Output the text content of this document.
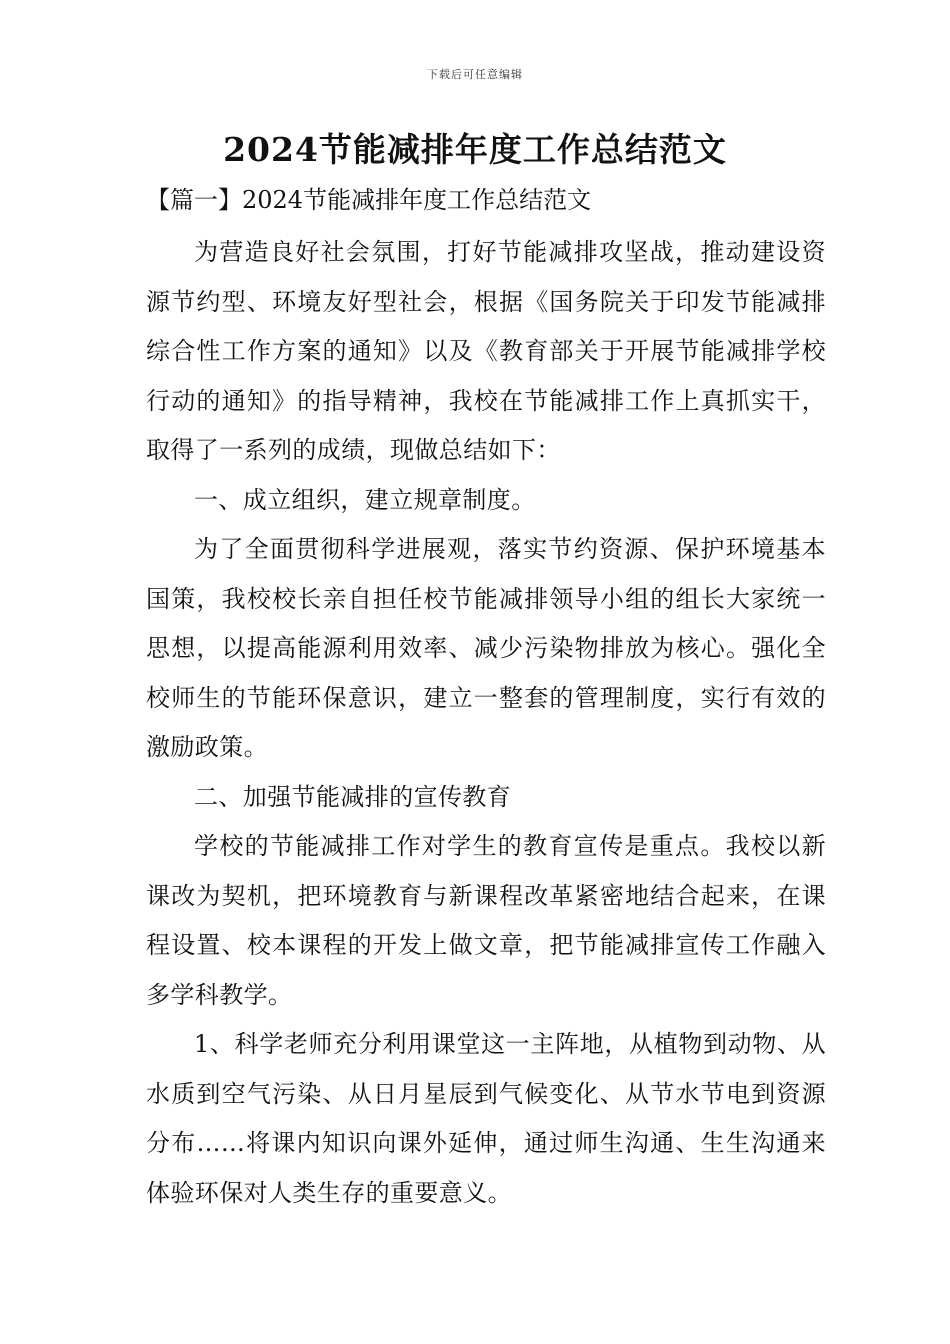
下载后可任意编辑
2024节能减排年度工作总结范文
【篇一】2024节能减排年度工作总结范文

为营造良好社会氛围，打好节能减排攻坚战，推动建设资源节约型、环境友好型社会，根据《国务院关于印发节能减排综合性工作方案的通知》以及《教育部关于开展节能减排学校行动的通知》的指导精神，我校在节能减排工作上真抓实干，取得了一系列的成绩，现做总结如下：

一、成立组织，建立规章制度。

为了全面贯彻科学进展观，落实节约资源、保护环境基本国策，我校校长亲自担任校节能减排领导小组的组长大家统一思想，以提高能源利用效率、减少污染物排放为核心。强化全校师生的节能环保意识，建立一整套的管理制度，实行有效的激励政策。

二、加强节能减排的宣传教育

学校的节能减排工作对学生的教育宣传是重点。我校以新课改为契机，把环境教育与新课程改革紧密地结合起来，在课程设置、校本课程的开发上做文章，把节能减排宣传工作融入多学科教学。

1、科学老师充分利用课堂这一主阵地，从植物到动物、从水质到空气污染、从日月星辰到气候变化、从节水节电到资源分布……将课内知识向课外延伸，通过师生沟通、生生沟通来体验环保对人类生存的重要意义。
